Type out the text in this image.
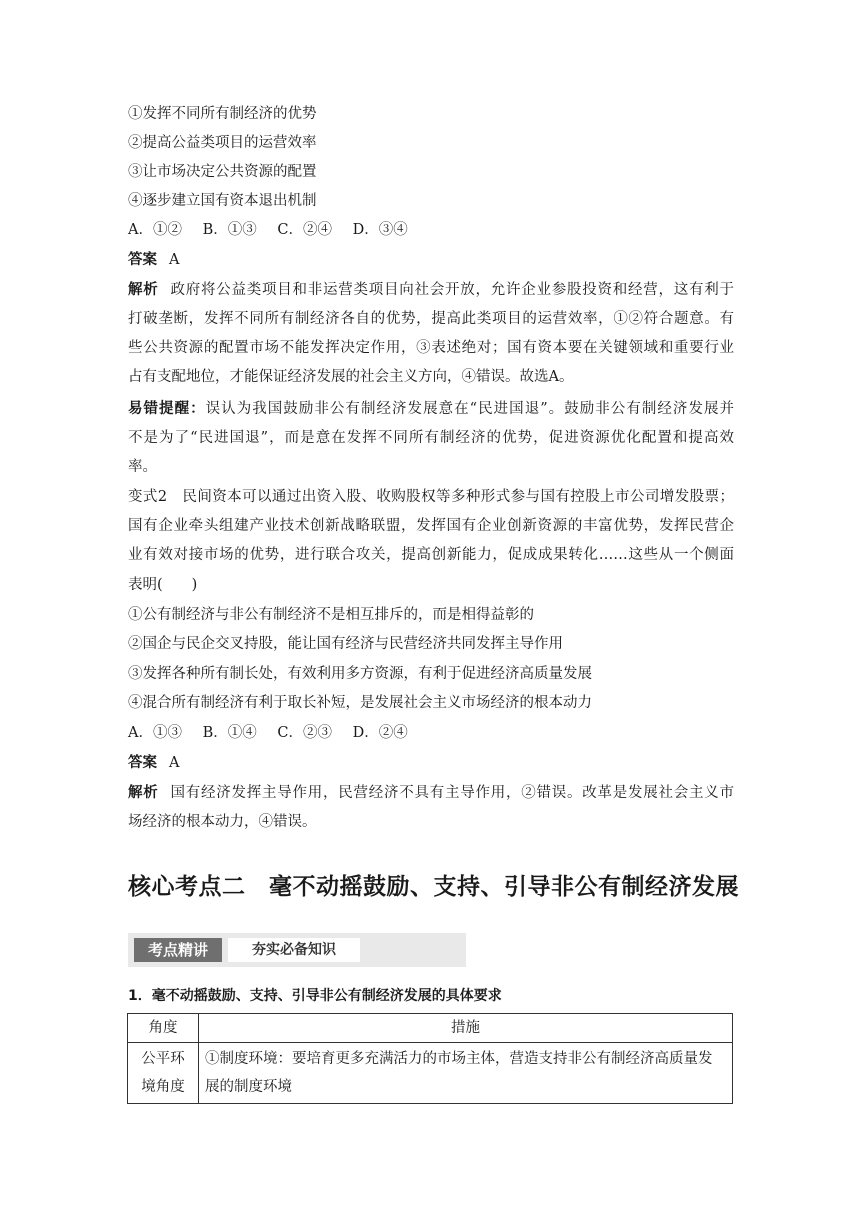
①发挥不同所有制经济的优势
②提高公益类项目的运营效率
③让市场决定公共资源的配置
④逐步建立国有资本退出机制
A．①② B．①③ C．②④ D．③④
答案 A
解析 政府将公益类项目和非运营类项目向社会开放，允许企业参股投资和经营，这有利于
打破垄断，发挥不同所有制经济各自的优势，提高此类项目的运营效率，①②符合题意。有
些公共资源的配置市场不能发挥决定作用，③表述绝对；国有资本要在关键领域和重要行业
占有支配地位，才能保证经济发展的社会主义方向，④错误。故选A。
易错提醒：误认为我国鼓励非公有制经济发展意在“民进国退”。鼓励非公有制经济发展并
不是为了“民进国退”，而是意在发挥不同所有制经济的优势，促进资源优化配置和提高效
率。
变式2　民间资本可以通过出资入股、收购股权等多种形式参与国有控股上市公司增发股票；
国有企业牵头组建产业技术创新战略联盟，发挥国有企业创新资源的丰富优势，发挥民营企
业有效对接市场的优势，进行联合攻关，提高创新能力，促成成果转化……这些从一个侧面
表明(　　)
①公有制经济与非公有制经济不是相互排斥的，而是相得益彰的
②国企与民企交叉持股，能让国有经济与民营经济共同发挥主导作用
③发挥各种所有制长处，有效利用多方资源，有利于促进经济高质量发展
④混合所有制经济有利于取长补短，是发展社会主义市场经济的根本动力
A．①③ B．①④ C．②③ D．②④
答案 A
解析 国有经济发挥主导作用，民营经济不具有主导作用，②错误。改革是发展社会主义市
场经济的根本动力，④错误。
核心考点二　毫不动摇鼓励、支持、引导非公有制经济发展
考点精讲	夯实必备知识
1．毫不动摇鼓励、支持、引导非公有制经济发展的具体要求
角度	措施

公平环
境角度	①制度环境：要培育更多充满活力的市场主体，营造支持非公有制经济高质量发展的制度环境
